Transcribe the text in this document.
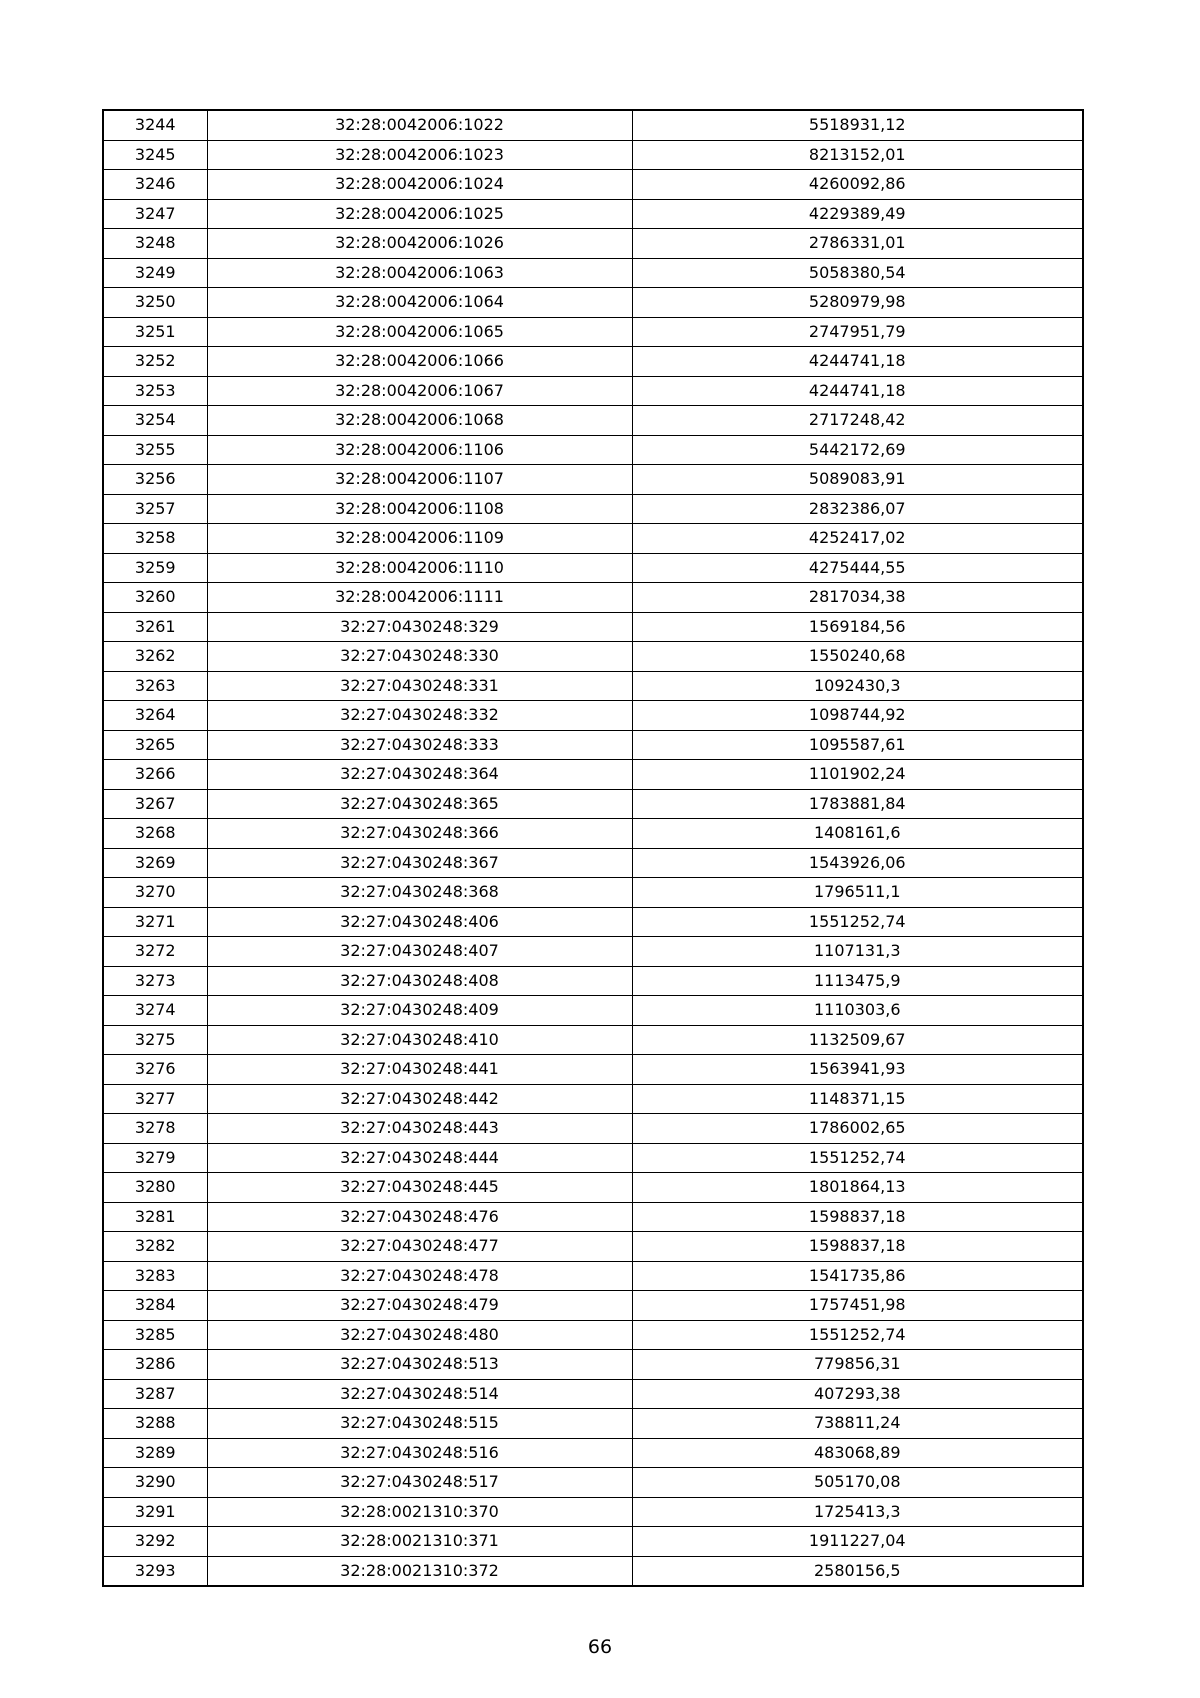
3244	32:28:0042006:1022	5518931,12
3245	32:28:0042006:1023	8213152,01
3246	32:28:0042006:1024	4260092,86
3247	32:28:0042006:1025	4229389,49
3248	32:28:0042006:1026	2786331,01
3249	32:28:0042006:1063	5058380,54
3250	32:28:0042006:1064	5280979,98
3251	32:28:0042006:1065	2747951,79
3252	32:28:0042006:1066	4244741,18
3253	32:28:0042006:1067	4244741,18
3254	32:28:0042006:1068	2717248,42
3255	32:28:0042006:1106	5442172,69
3256	32:28:0042006:1107	5089083,91
3257	32:28:0042006:1108	2832386,07
3258	32:28:0042006:1109	4252417,02
3259	32:28:0042006:1110	4275444,55
3260	32:28:0042006:1111	2817034,38
3261	32:27:0430248:329	1569184,56
3262	32:27:0430248:330	1550240,68
3263	32:27:0430248:331	1092430,3
3264	32:27:0430248:332	1098744,92
3265	32:27:0430248:333	1095587,61
3266	32:27:0430248:364	1101902,24
3267	32:27:0430248:365	1783881,84
3268	32:27:0430248:366	1408161,6
3269	32:27:0430248:367	1543926,06
3270	32:27:0430248:368	1796511,1
3271	32:27:0430248:406	1551252,74
3272	32:27:0430248:407	1107131,3
3273	32:27:0430248:408	1113475,9
3274	32:27:0430248:409	1110303,6
3275	32:27:0430248:410	1132509,67
3276	32:27:0430248:441	1563941,93
3277	32:27:0430248:442	1148371,15
3278	32:27:0430248:443	1786002,65
3279	32:27:0430248:444	1551252,74
3280	32:27:0430248:445	1801864,13
3281	32:27:0430248:476	1598837,18
3282	32:27:0430248:477	1598837,18
3283	32:27:0430248:478	1541735,86
3284	32:27:0430248:479	1757451,98
3285	32:27:0430248:480	1551252,74
3286	32:27:0430248:513	779856,31
3287	32:27:0430248:514	407293,38
3288	32:27:0430248:515	738811,24
3289	32:27:0430248:516	483068,89
3290	32:27:0430248:517	505170,08
3291	32:28:0021310:370	1725413,3
3292	32:28:0021310:371	1911227,04
3293	32:28:0021310:372	2580156,5
66
